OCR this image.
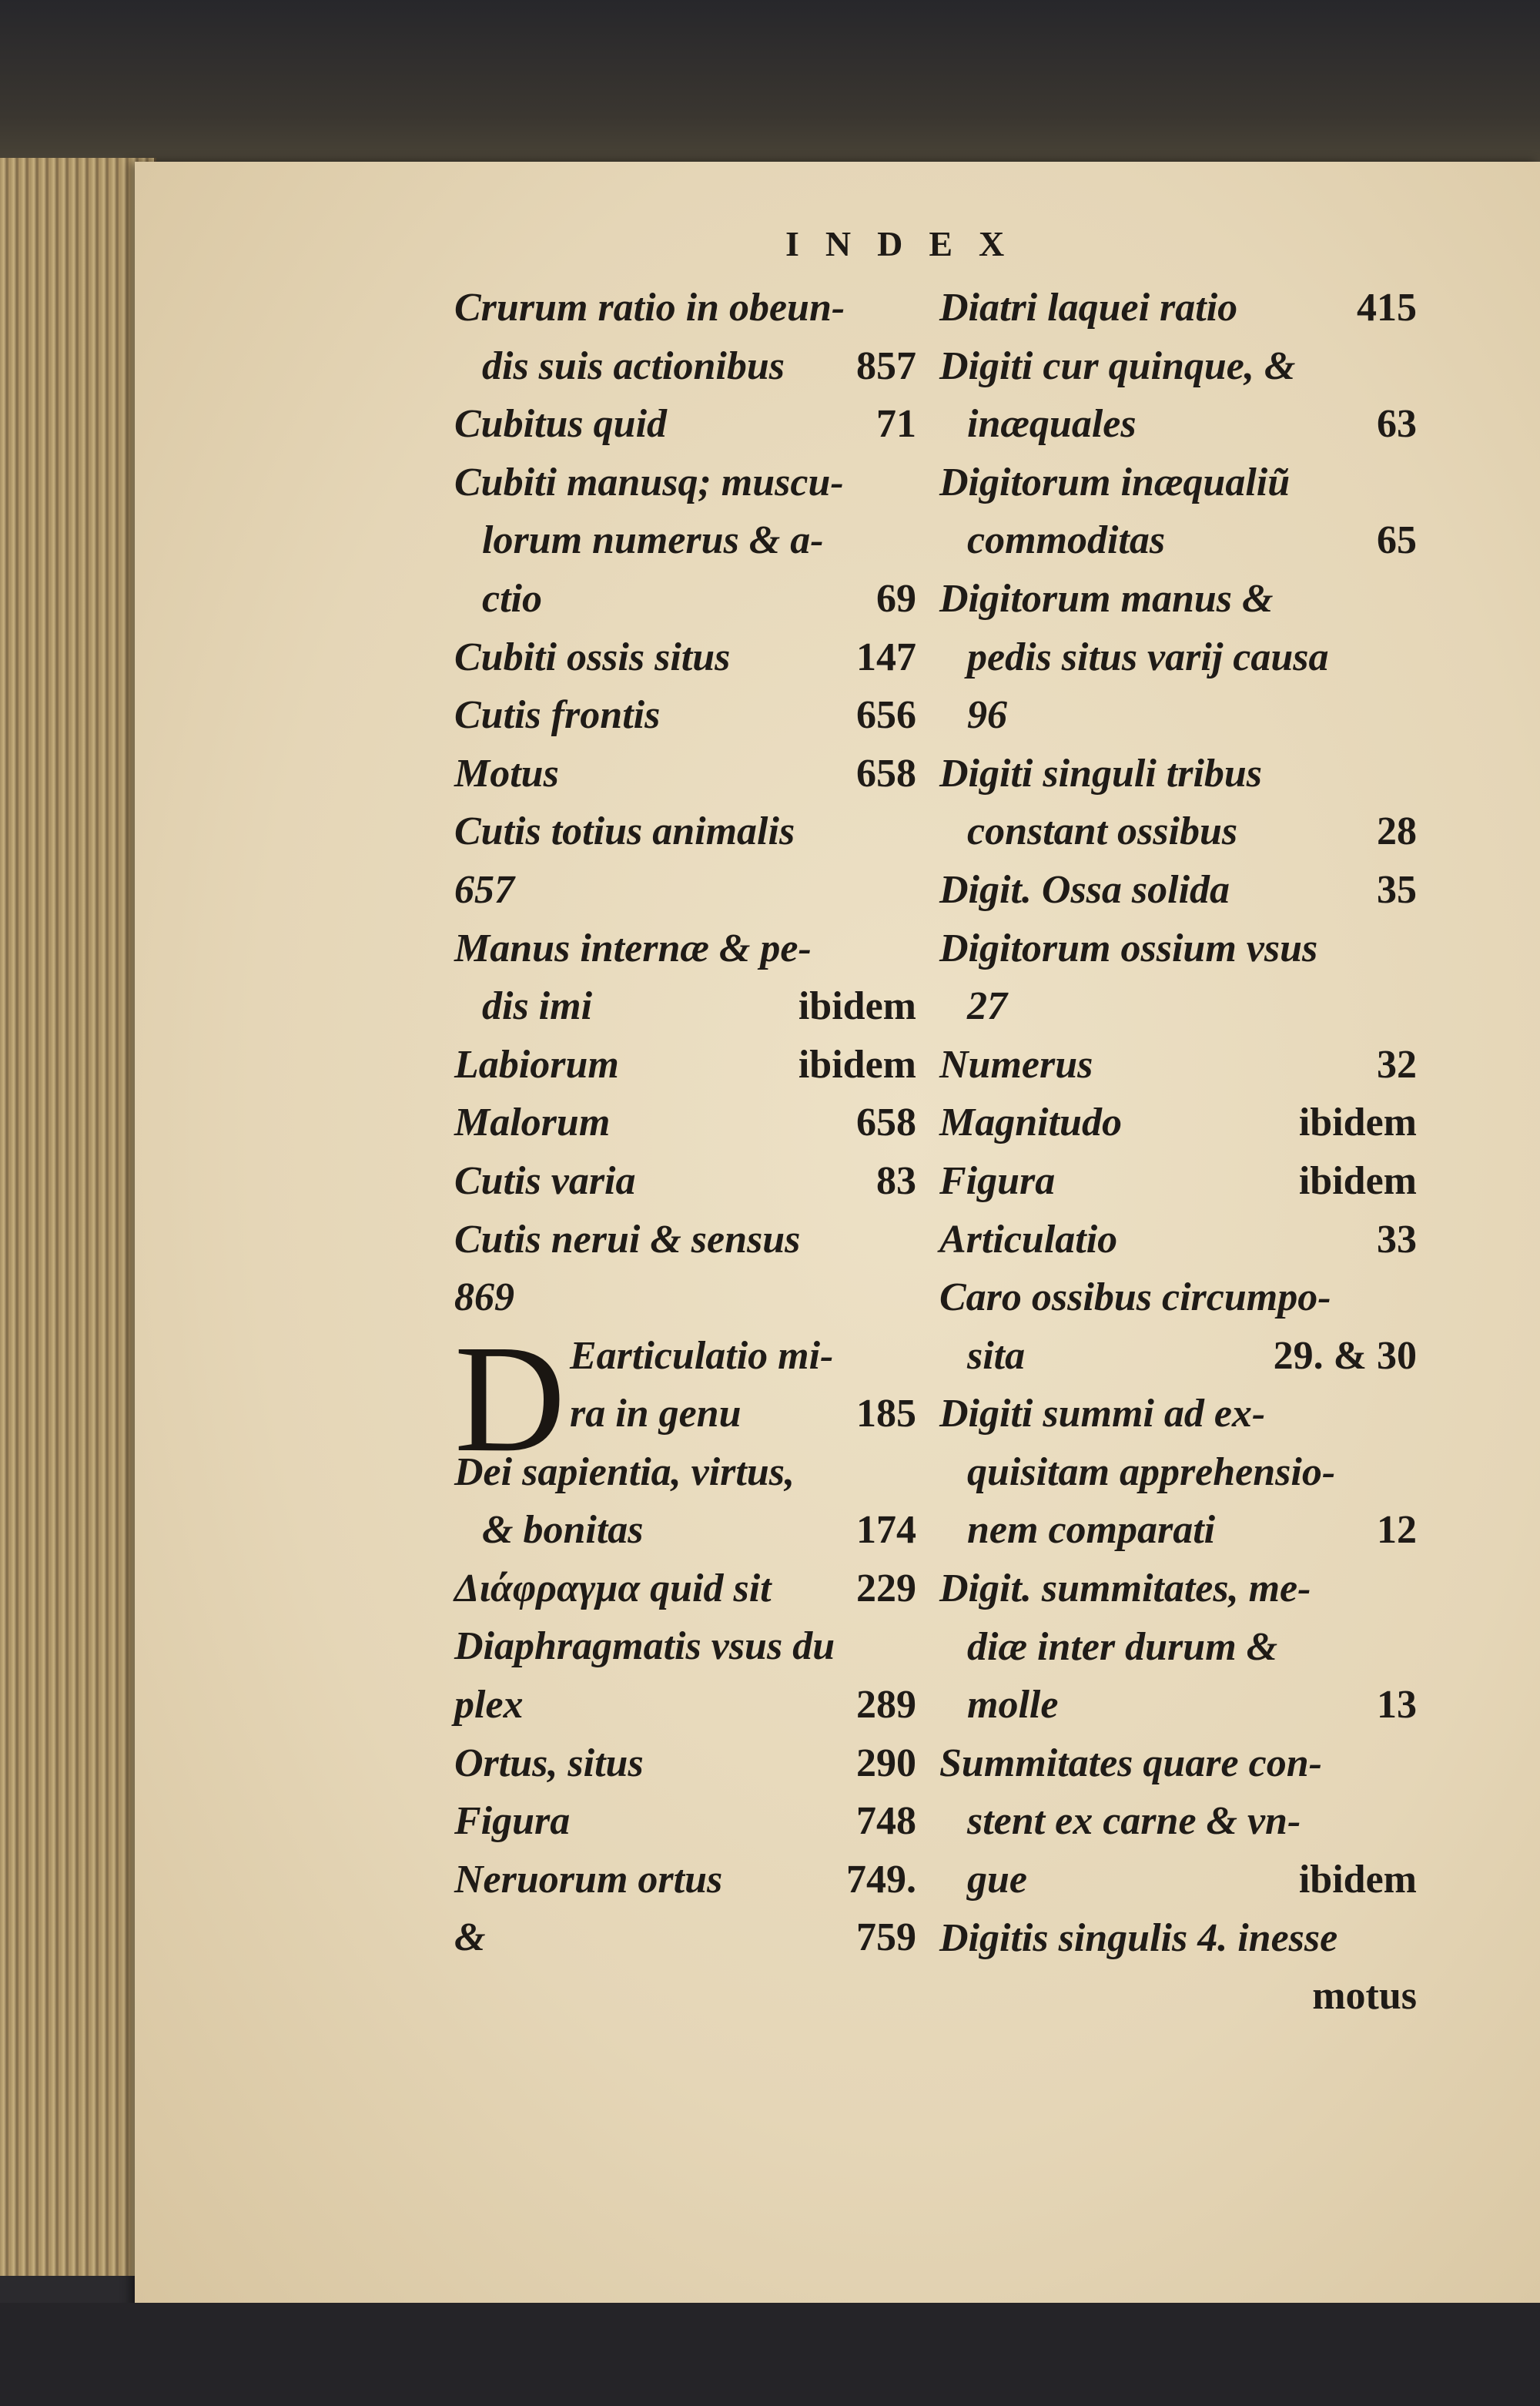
INDEX
Crurum ratio in obeun-
dis suis actionibus 857
Cubitus quid	71
Cubiti manusq; muscu-
lorum numerus & a-
ctio	69
Cubiti ossis situs	147
Cutis frontis	656
Motus	658
Cutis totius animalis
657
Manus internæ & pe-
dis imi	ibidem
Labiorum	ibidem
Malorum	658
Cutis varia	83
Cutis nerui & sensus
869
D Earticulatio mi-
ra in genu	185
Dei sapientia, virtus,
& bonitas	174
Διάφραγμα quid sit 229
Diaphragmatis vsus du
plex	289
Ortus, situs	290
Figura	748
Neruorum ortus	749.
&	759
Diatri laquei ratio	415
Digiti cur quinque, &
inæquales	63
Digitorum inæqualiũ
commoditas	65
Digitorum manus &
pedis situs varij causa
96
Digiti singuli tribus
constant ossibus	28
Digit. Ossa solida	35
Digitorum ossium vsus
27
Numerus	32
Magnitudo	ibidem
Figura	ibidem
Articulatio	33
Caro ossibus circumpo-
sita	29. & 30
Digiti summi ad ex-
quisitam apprehensio-
nem comparati	12
Digit. summitates, me-
diæ inter durum &
molle	13
Summitates quare con-
stent ex carne & vn-
gue	ibidem
Digitis singulis 4. inesse
motus
